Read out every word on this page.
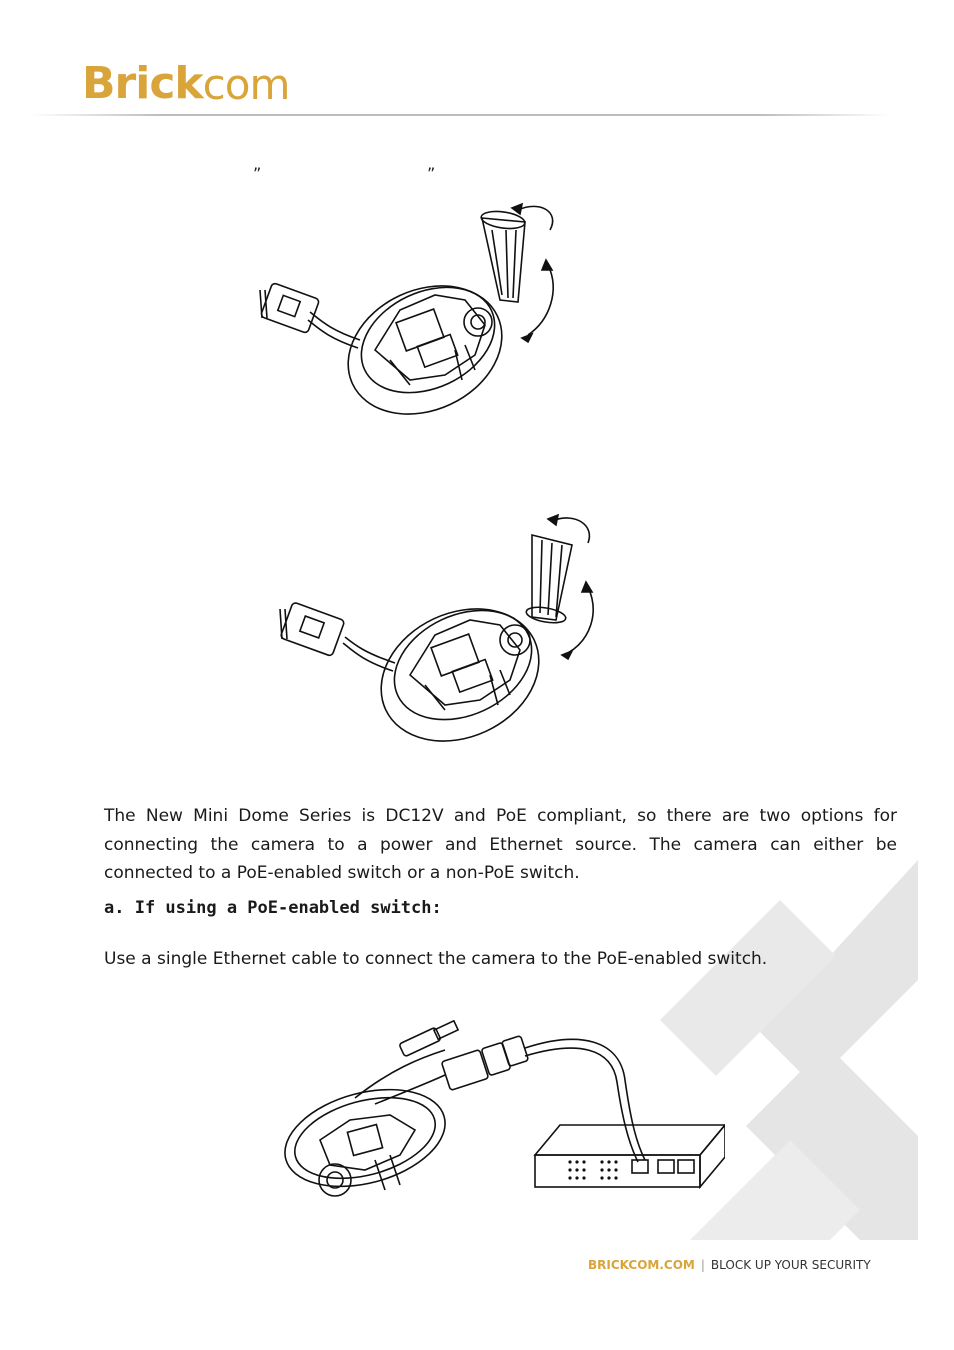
Brick com
”	”

The New Mini Dome Series is DC12V and PoE compliant, so there are two options for connecting the camera to a power and Ethernet source. The camera can either be connected to a PoE-enabled switch or a non-PoE switch.

a. If using a PoE-enabled switch:
Use a single Ethernet cable to connect the camera to the PoE-enabled switch.
BRICKCOM.COM | BLOCK UP YOUR SECURITY
